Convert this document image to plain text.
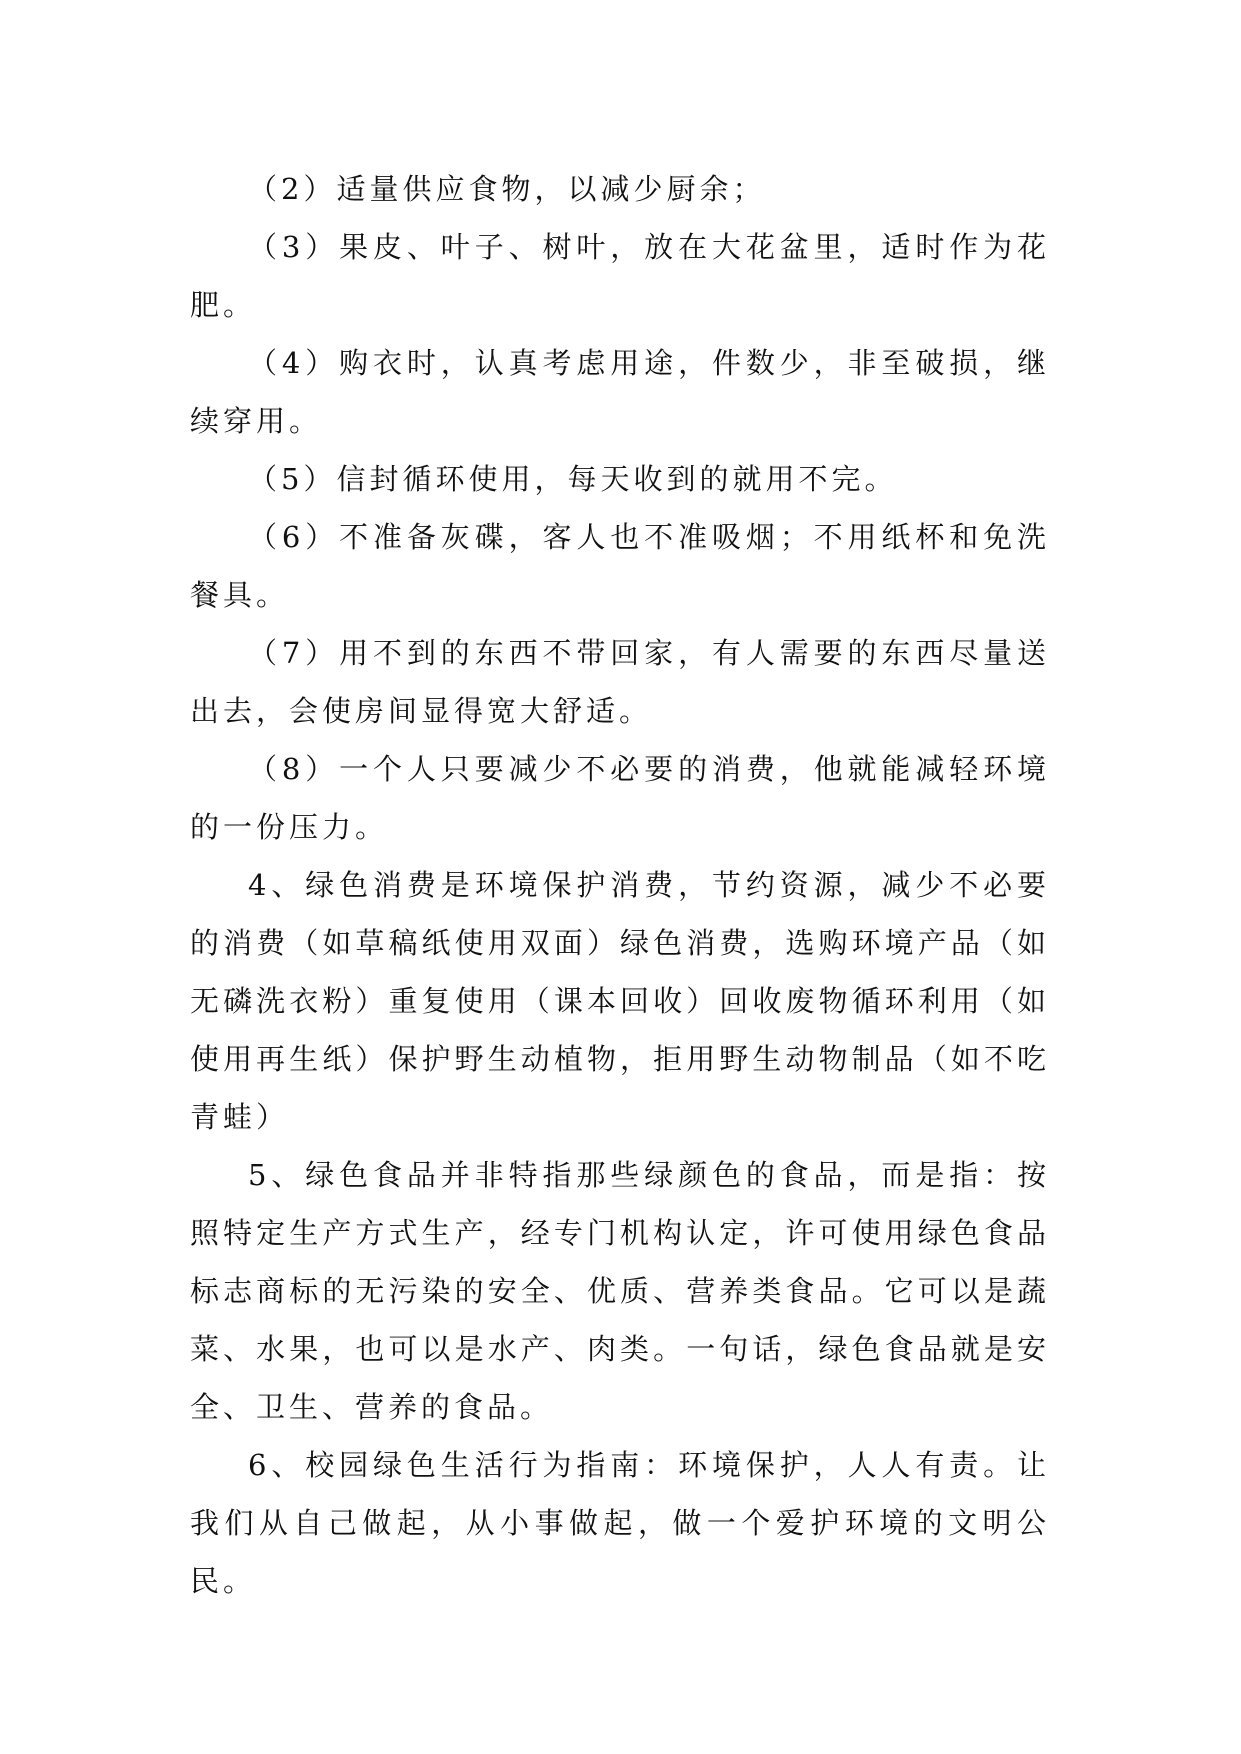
（2）适量供应食物，以减少厨余；

（3）果皮、叶子、树叶，放在大花盆里，适时作为花肥。

（4）购衣时，认真考虑用途，件数少，非至破损，继续穿用。

（5）信封循环使用，每天收到的就用不完。

（6）不准备灰碟，客人也不准吸烟；不用纸杯和免洗餐具。

（7）用不到的东西不带回家，有人需要的东西尽量送出去，会使房间显得宽大舒适。

（8）一个人只要减少不必要的消费，他就能减轻环境的一份压力。

4、绿色消费是环境保护消费，节约资源，减少不必要的消费（如草稿纸使用双面）绿色消费，选购环境产品（如无磷洗衣粉）重复使用（课本回收）回收废物循环利用（如使用再生纸）保护野生动植物，拒用野生动物制品（如不吃青蛙）

5、绿色食品并非特指那些绿颜色的食品，而是指：按照特定生产方式生产，经专门机构认定，许可使用绿色食品标志商标的无污染的安全、优质、营养类食品。它可以是蔬菜、水果，也可以是水产、肉类。一句话，绿色食品就是安全、卫生、营养的食品。

6、校园绿色生活行为指南：环境保护，人人有责。让我们从自己做起，从小事做起，做一个爱护环境的文明公民。
